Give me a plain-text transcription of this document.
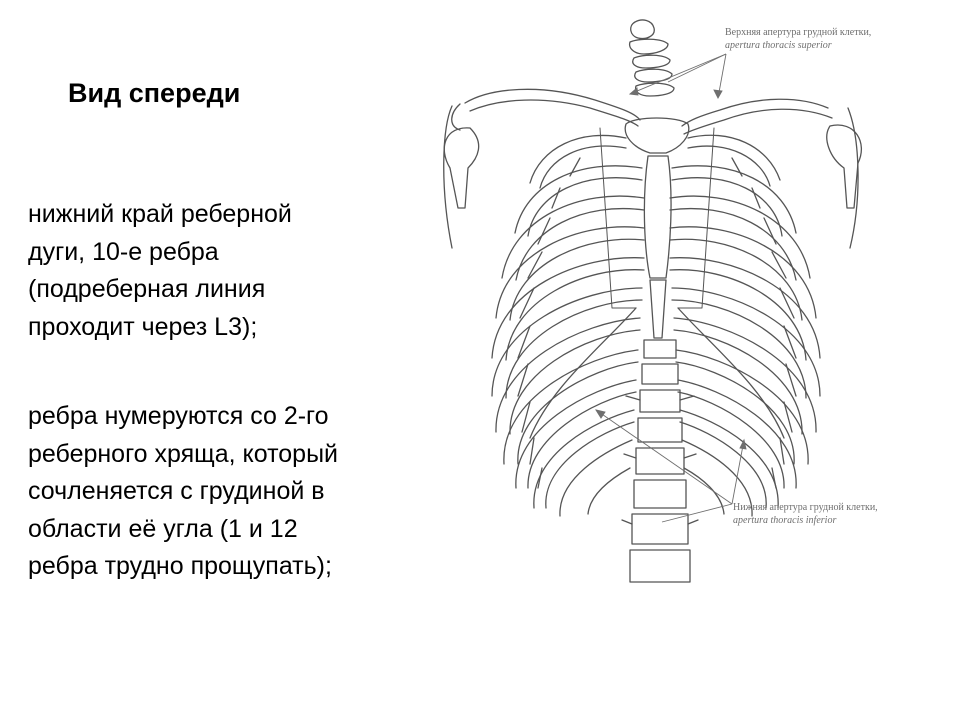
Вид спереди

нижний край реберной
дуги, 10-е ребра
(подреберная линия
проходит через L3);

ребра нумеруются со 2-го
реберного хряща, который
сочленяется с грудиной в
области её угла (1 и 12
ребра трудно прощупать);

Верхняя апертура грудной клетки,
apertura thoracis superior
Нижняя апертура грудной клетки,
apertura thoracis inferior
